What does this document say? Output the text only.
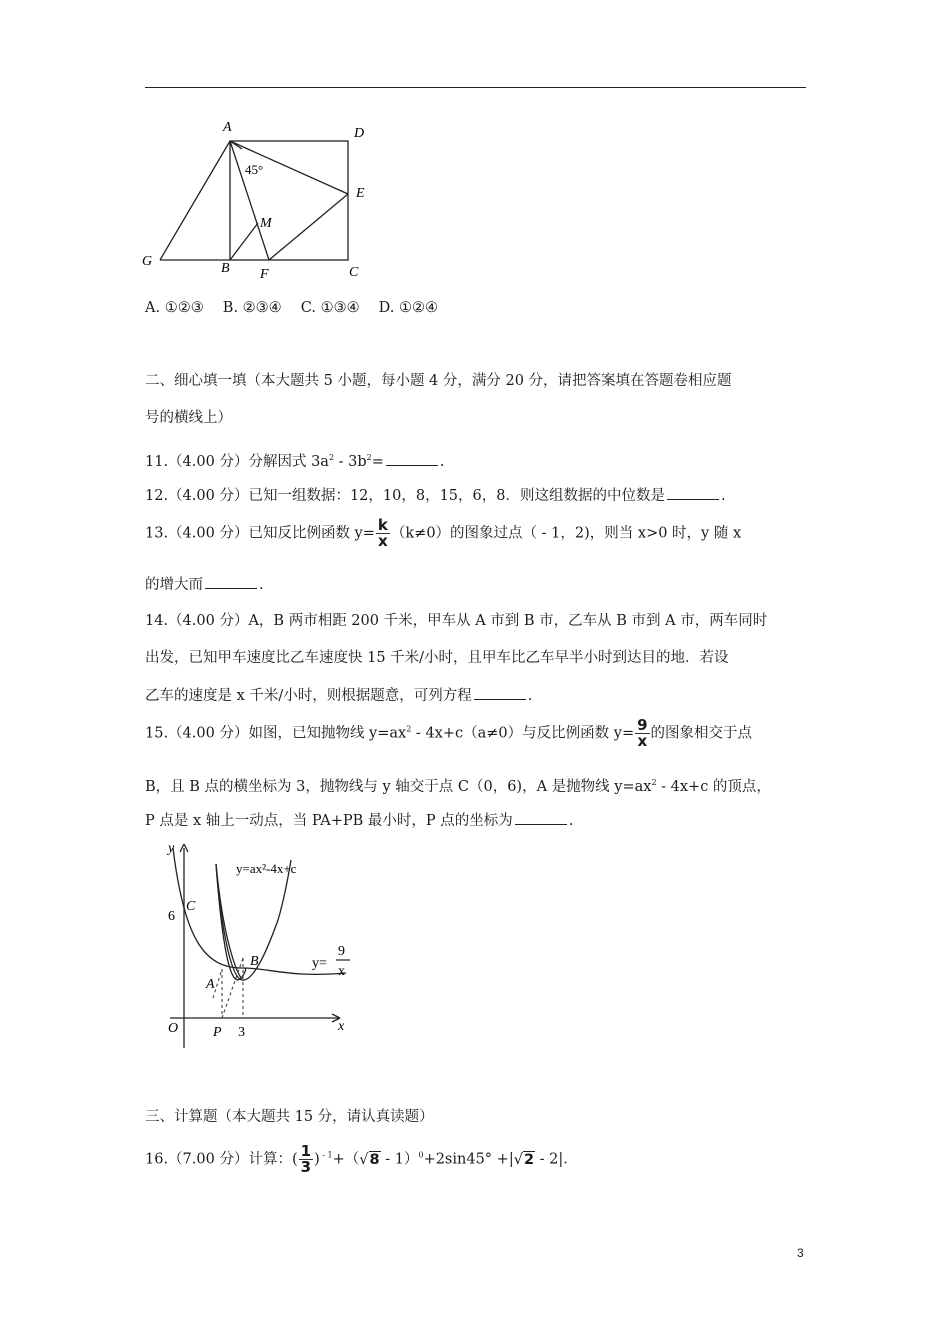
A	D
E
C
F
B
G
M
45°
A. ①②③　 B. ②③④　 C. ①③④　 D. ①②④
二、细心填一填（本大题共 5 小题，每小题 4 分，满分 20 分，请把答案填在答题卷相应题
号的横线上）
11.（4.00 分）分解因式 $3a^2 - 3b^2=$	.
12.（4.00 分）已知一组数据：12，10，8，15，6，8．则这组数据的中位数是	.
13.（4.00 分）已知反比例函数 $y= \frac{k}{x} (k\ne 0)$的图象过点（ - 1，2)，则当 x>0 时，y 随 x
的增大而	.
14.（4.00 分）A，B 两市相距 200 千米，甲车从 A 市到 B 市，乙车从 B 市到 A 市，两车同时
出发，已知甲车速度比乙车速度快 15 千米/小时，且甲车比乙车早半小时到达目的地．若设
乙车的速度是 x 千米/小时，则根据题意，可列方程	.
15.（4.00 分）如图，已知抛物线 $y=ax^2 - 4x+c(a\ne 0)$与反比例函数 $y= \frac{9}{x}$ 的图象相交于点
B，且 B 点的横坐标为 3，抛物线与 y 轴交于点 C（0，6)，A 是抛物线 $y=ax^2 - 4x+c$ 的顶点，
P 点是 x 轴上一动点，当 PA+PB 最小时，P 点的坐标为	.
y
x
O
6
C
A
B
P 3
y=ax²-4x+c
y=
9
x
三、计算题（本大题共 15 分，请认真读题）
16.（7.00 分）计算：( $\frac{1}{3}$ ) $^{- 1}$+（√8 - 1）$^0$+2sin45° +|√2 - 2|．
3
